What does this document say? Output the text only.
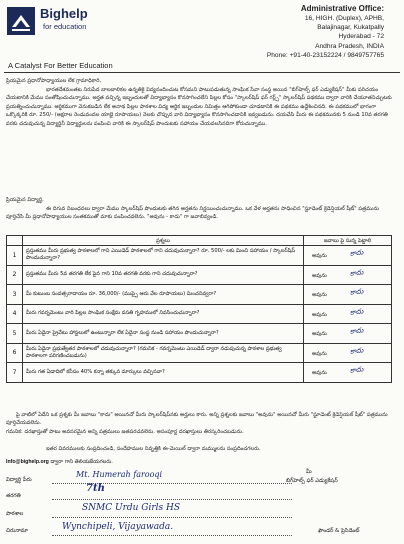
Bighelp
for education
A Catalyst For Better Education
Administrative Office:
16, HIGH. (Duplex), APHB,
Balajinagar, Kukatpally
Hyderabad - 72
Andhra Pradesh, INDIA
Phone: +91-40-23152224 / 9849757765
ప్రియమైన ప్రధానోపాధ్యాయుల లేక గ్రామాధికారి,
భారతదేశమంతట నిరుపేద బాలబాలికల ఉన్నతికై విద్యనందించుట కోసమని పాటుపడుతున్న సాంఘిక సేవా సంస్థ అయిన "బిగ్‌హెల్ప్ ఫర్ ఎడ్యుకేషన్" మీకు పరిచయం చేయటానికి మేము సంతోషించుచున్నాము. అర్హత వచ్చిన్న ఇబ్బందులతో విద్యాభ్యాసం కొనసాగించలేని పిల్లల కోసం "స్కాలర్‌షిప్ ఫర్ గర్ల్స్" స్కాలర్‌షిప్ పథకము ద్వారా వారికి చేయూతనిచ్చుటకు ప్రయత్నించుచున్నాము. ఆర్థికముగా వెనుకబడిన లేక అనాథ పిల్లల పాఠశాల విద్య ఆర్థిక ఇబ్బందుల నిమిత్తం ఆగిపోకుండా చూడటానికి ఈ పథకము ఉద్దేశించినది. ఈ పథకములో భాగంగా ఒక్కొక్కరికి రూ. 250/- (అక్షరాల రెండువందల యాభై రూపాయలు) నెలకు చొప్పున వారి విద్యాభ్యాసం కొనసాగించడానికి ఇవ్వబడును. దయచేసి మీరు ఈ పథకమునకు 5 నుండి 10వ తరగతి వరకు చదువుచున్న విద్యార్థినీ విద్యార్థులను పంపించి వారికి ఈ స్కాలర్‌షిప్ పొందుటకు సహాయం చేయవలసినదిగా కోరుచున్నాము.
ప్రియమైన విద్యార్థి,
ఈ దిగువ నిబంధనలు ద్వారా మేము స్కాలర్‌షిప్ పొందుటకు తగిన అర్హతను నిర్ణయించుచున్నాము. ఒక వేళ అర్హతను సాధించిన "స్టూడెంట్ క్రెడెన్షియల్ షీట్" పత్రమును పూర్తిచేసి మీ ప్రధానోపాధ్యాయుల సంతకముతో మాకు పంపించవలెను. "అవును - కాదు" గా జవాబివ్వండి.
	ప్రశ్నలు	జవాబు పై సున్న పెట్టాలి
1	ప్రస్తుతము మీరు ప్రభుత్వ పాఠశాలలో గాని ఎయిడెడ్ పాఠశాలలో గాని చదువుచున్నారా? రూ. 500/- లకు మించి సహాయం / స్కాలర్‌షిప్ పొందుచున్నారా?	అవును కాదు

2	ప్రస్తుతము మీరు 5వ తరగతి లేక పైన గాని 10వ తరగతి వరకు గాని చదువుచున్నారా?	అవును కాదు

3	మీ కుటుంబ సంవత్సరాదాయం రూ. 36,000/- (ముప్ఫై ఆరు వేల రూపాయలు) మించనివ్వరా?	అవును కాదు

4	మీరు గవర్నమెంటు వారి పిల్లల సాంఘిక సంక్షేమ వసతి గృహములో నివసించుచున్నారా?	అవును కాదు

5	మీరు ఏదైనా ప్రైవేటు హాస్టలులో ఉంటున్నారా లేక ఏదైనా సంస్థ నుండి సహాయం పొందుచున్నారా?	అవును కాదు

6	మీరు ఏదైనా ప్రభుత్వేతర పాఠశాలలో చదువుచున్నారా? (గమనిక - గవర్నమెంటు ఎయిడెడ్ ద్వారా నడుపుచున్న పాఠశాల ప్రభుత్వ పాఠశాలగా పరిగణించబడును)	అవును కాదు

7	మీరు గత ఏడాదిలో కనీసం 40% కన్నా తక్కువ మార్కులు వచ్చినవా?	అవును కాదు
పై వాటిలో ఏదేని ఒక ప్రశ్నకు మీ జవాబు "కాదు" అయినచో మీరు స్కాలర్‌షిప్‌నకు అర్హులు కారు. అన్ని ప్రశ్నలకు జవాబు "అవును" అయినచో మీరు "స్టూడెంట్ క్రెడెన్షియల్ షీట్" పత్రమును పూర్తిచేయవలెను.
గమనిక: దరఖాస్తుతో పాటు అవసరమైన అన్ని పత్రములు జతపరచవలెను. అసంపూర్ణ దరఖాస్తులు తిరస్కరించబడును.
ఇతర వివరములకు సంప్రదించండి, సందేహముల నివృత్తికి ఈ-మెయిల్ ద్వారా మమ్ములను సంప్రదించగలరు.
Info@bighelp.org ద్వారా గాని తెలియజేయగలరు.
విద్యార్థి పేరు
Mt. Humerah farooqi
తరగతి
7th
పాఠశాల
SNMC Urdu Girls HS
చిరునామా	Wynchipeli, Vijayawada.
మీ
బిగ్‌హెల్ప్ ఫర్ ఎడ్యుకేషన్
ఫౌండర్ & ప్రెసిడెంట్
